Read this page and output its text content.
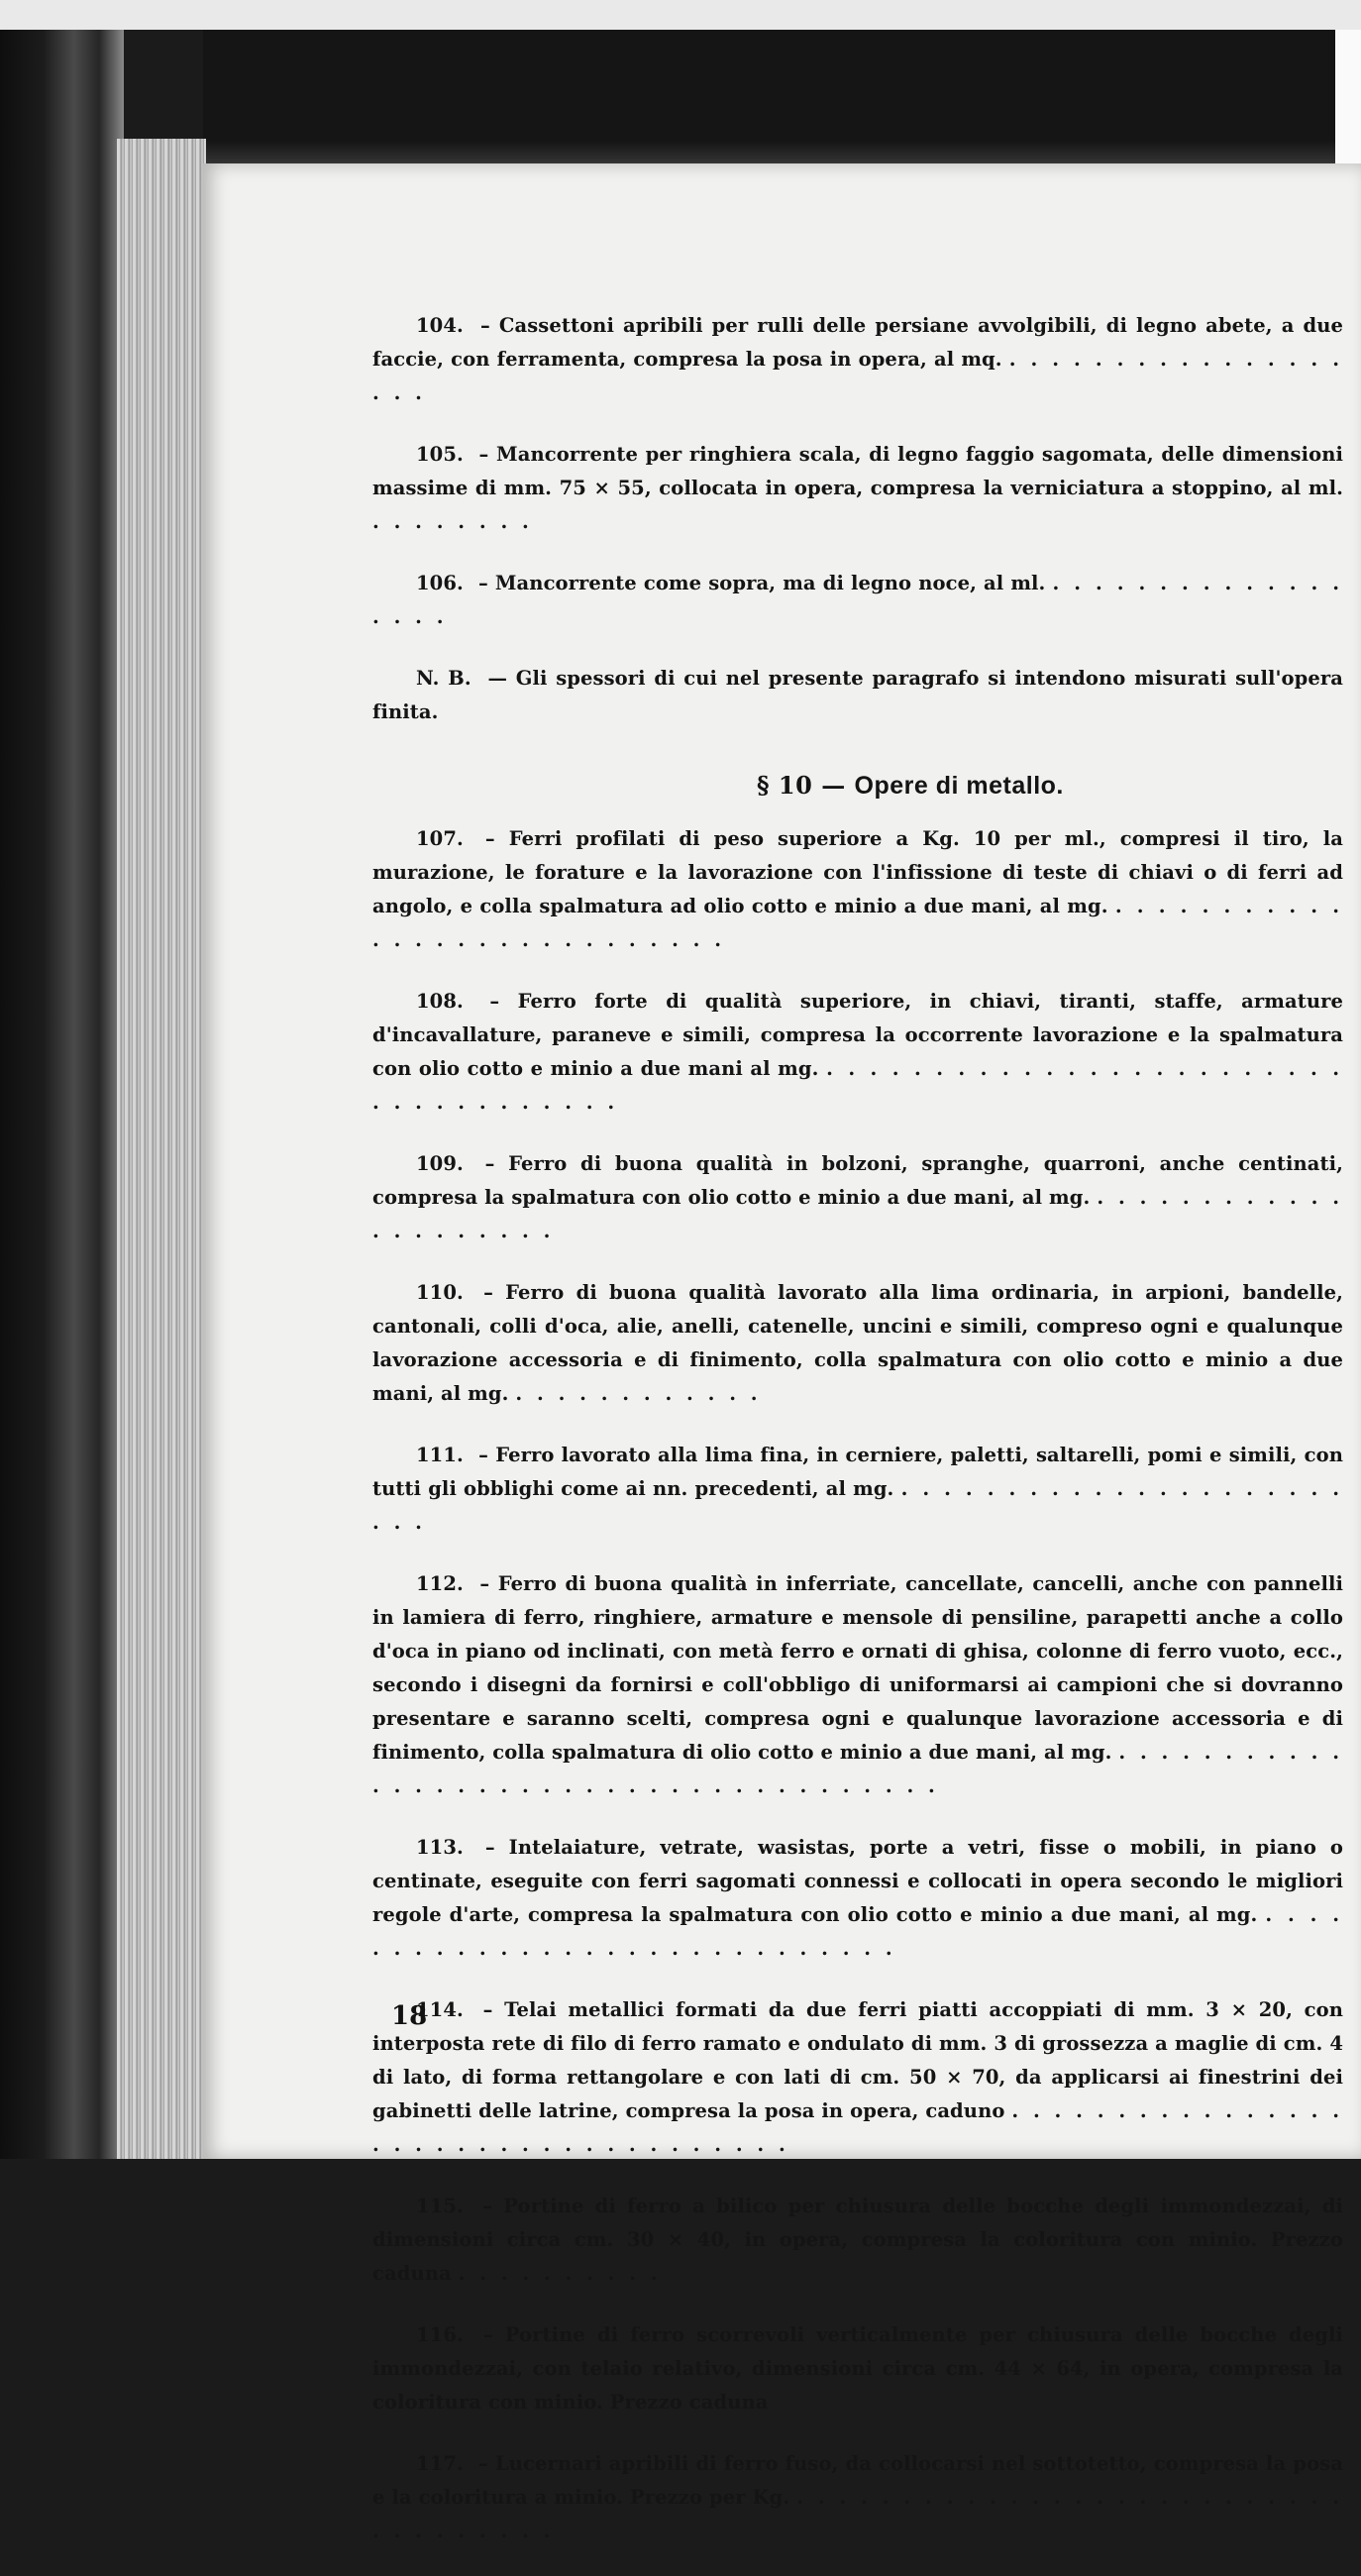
104. – Cassettoni apribili per rulli delle persiane avvolgibili, di legno abete, a due faccie, con ferramenta, compresa la posa in opera, al mq. . . . . . . . . . . . . . . . . . . .

105. – Mancorrente per ringhiera scala, di legno faggio sagomata, delle dimensioni massime di mm. 75 × 55, collocata in opera, compresa la verniciatura a stoppino, al ml. . . . . . . . .

106. – Mancorrente come sopra, ma di legno noce, al ml. . . . . . . . . . . . . . . . . . .

N. B. — Gli spessori di cui nel presente paragrafo si intendono misurati sull'opera finita.

§ 10 — Opere di metallo.

107. – Ferri profilati di peso superiore a Kg. 10 per ml., compresi il tiro, la murazione, le forature e la lavorazione con l'infissione di teste di chiavi o di ferri ad angolo, e colla spalmatura ad olio cotto e minio a due mani, al mg. . . . . . . . . . . . . . . . . . . . . . . . . . . . .

108. – Ferro forte di qualità superiore, in chiavi, tiranti, staffe, armature d'incavallature, paraneve e simili, compresa la occorrente lavorazione e la spalmatura con olio cotto e minio a due mani al mg. . . . . . . . . . . . . . . . . . . . . . . . . . . . . . . . . . . . .

109. – Ferro di buona qualità in bolzoni, spranghe, quarroni, anche centinati, compresa la spalmatura con olio cotto e minio a due mani, al mg. . . . . . . . . . . . . . . . . . . . . .

110. – Ferro di buona qualità lavorato alla lima ordinaria, in arpioni, bandelle, cantonali, colli d'oca, alie, anelli, catenelle, uncini e simili, compreso ogni e qualunque lavorazione accessoria e di finimento, colla spalmatura con olio cotto e minio a due mani, al mg. . . . . . . . . . . . .

111. – Ferro lavorato alla lima fina, in cerniere, paletti, saltarelli, pomi e simili, con tutti gli obblighi come ai nn. precedenti, al mg. . . . . . . . . . . . . . . . . . . . . . . . .

112. – Ferro di buona qualità in inferriate, cancellate, cancelli, anche con pannelli in lamiera di ferro, ringhiere, armature e mensole di pensiline, parapetti anche a collo d'oca in piano od inclinati, con metà ferro e ornati di ghisa, colonne di ferro vuoto, ecc., secondo i disegni da fornirsi e coll'obbligo di uniformarsi ai campioni che si dovranno presentare e saranno scelti, compresa ogni e qualunque lavorazione accessoria e di finimento, colla spalmatura di olio cotto e minio a due mani, al mg. . . . . . . . . . . . . . . . . . . . . . . . . . . . . . . . . . . . . . .

113. – Intelaiature, vetrate, wasistas, porte a vetri, fisse o mobili, in piano o centinate, eseguite con ferri sagomati connessi e collocati in opera secondo le migliori regole d'arte, compresa la spalmatura con olio cotto e minio a due mani, al mg. . . . . . . . . . . . . . . . . . . . . . . . . . . . . .

114. – Telai metallici formati da due ferri piatti accoppiati di mm. 3 × 20, con interposta rete di filo di ferro ramato e ondulato di mm. 3 di grossezza a maglie di cm. 4 di lato, di forma rettangolare e con lati di cm. 50 × 70, da applicarsi ai finestrini dei gabinetti delle latrine, compresa la posa in opera, caduno . . . . . . . . . . . . . . . . . . . . . . . . . . . . . . . . . . . .

115. – Portine di ferro a bilico per chiusura delle bocche degli immondezzai, di dimensioni circa cm. 30 × 40, in opera, compresa la coloritura con minio. Prezzo caduna . . . . . . . . . .

116. – Portine di ferro scorrevoli verticalmente per chiusura delle bocche degli immondezzai, con telaio relativo, dimensioni circa cm. 44 × 64, in opera, compresa la coloritura con minio. Prezzo caduna

117. – Lucernari apribili di ferro fuso, da collocarsi nel sottotetto, compresa la posa e la coloritura a minio. Prezzo per Kg. . . . . . . . . . . . . . . . . . . . . . . . . . . . . . . . . . . .

18
